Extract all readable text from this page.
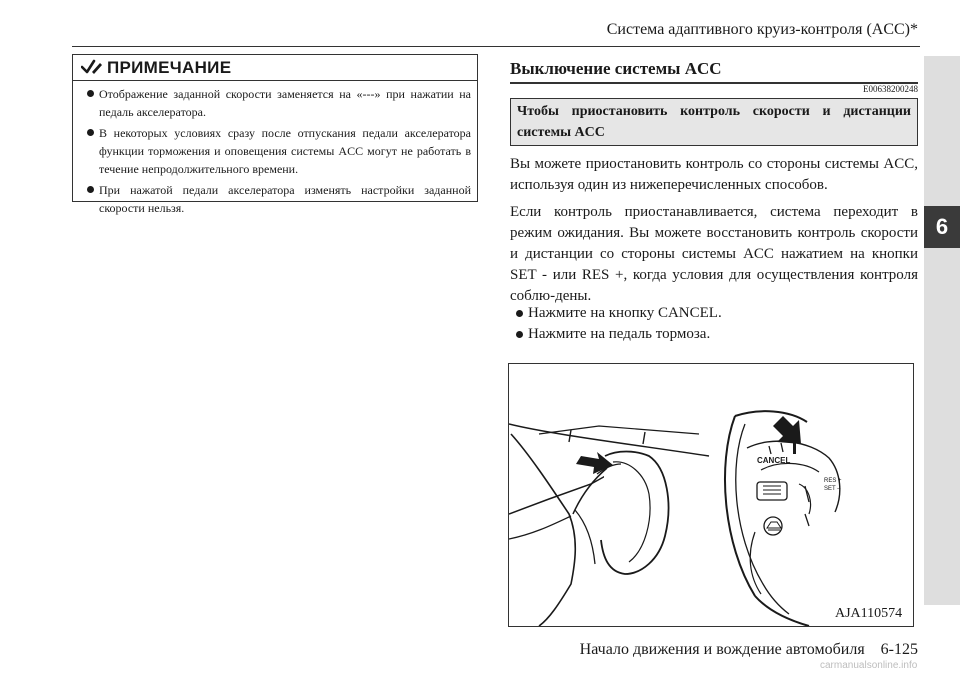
Система адаптивного круиз-контроля (ACC)*
6
ПРИМЕЧАНИЕ
Отображение заданной скорости заменяется на «---» при нажатии на педаль акселератора.
В некоторых условиях сразу после отпускания педали акселератора функции торможения и оповещения системы ACC могут не работать в течение непродолжительного времени.
При нажатой педали акселератора изменять настройки заданной скорости нельзя.
Выключение системы ACC
E00638200248
Чтобы приостановить контроль скорости и дистанции системы ACC
Вы можете приостановить контроль со стороны системы ACC, используя один из нижеперечисленных способов.
Если контроль приостанавливается, система переходит в режим ожидания. Вы можете восстановить контроль скорости и дистанции со стороны системы ACC нажатием на кнопки SET - или RES +, когда условия для осуществления контроля соблю-дены.
Нажмите на кнопку CANCEL.
Нажмите на педаль тормоза.
CANCEL
RES +
SET –
AJA110574
Начало движения и вождение автомобиля    6-125
carmanualsonline.info
